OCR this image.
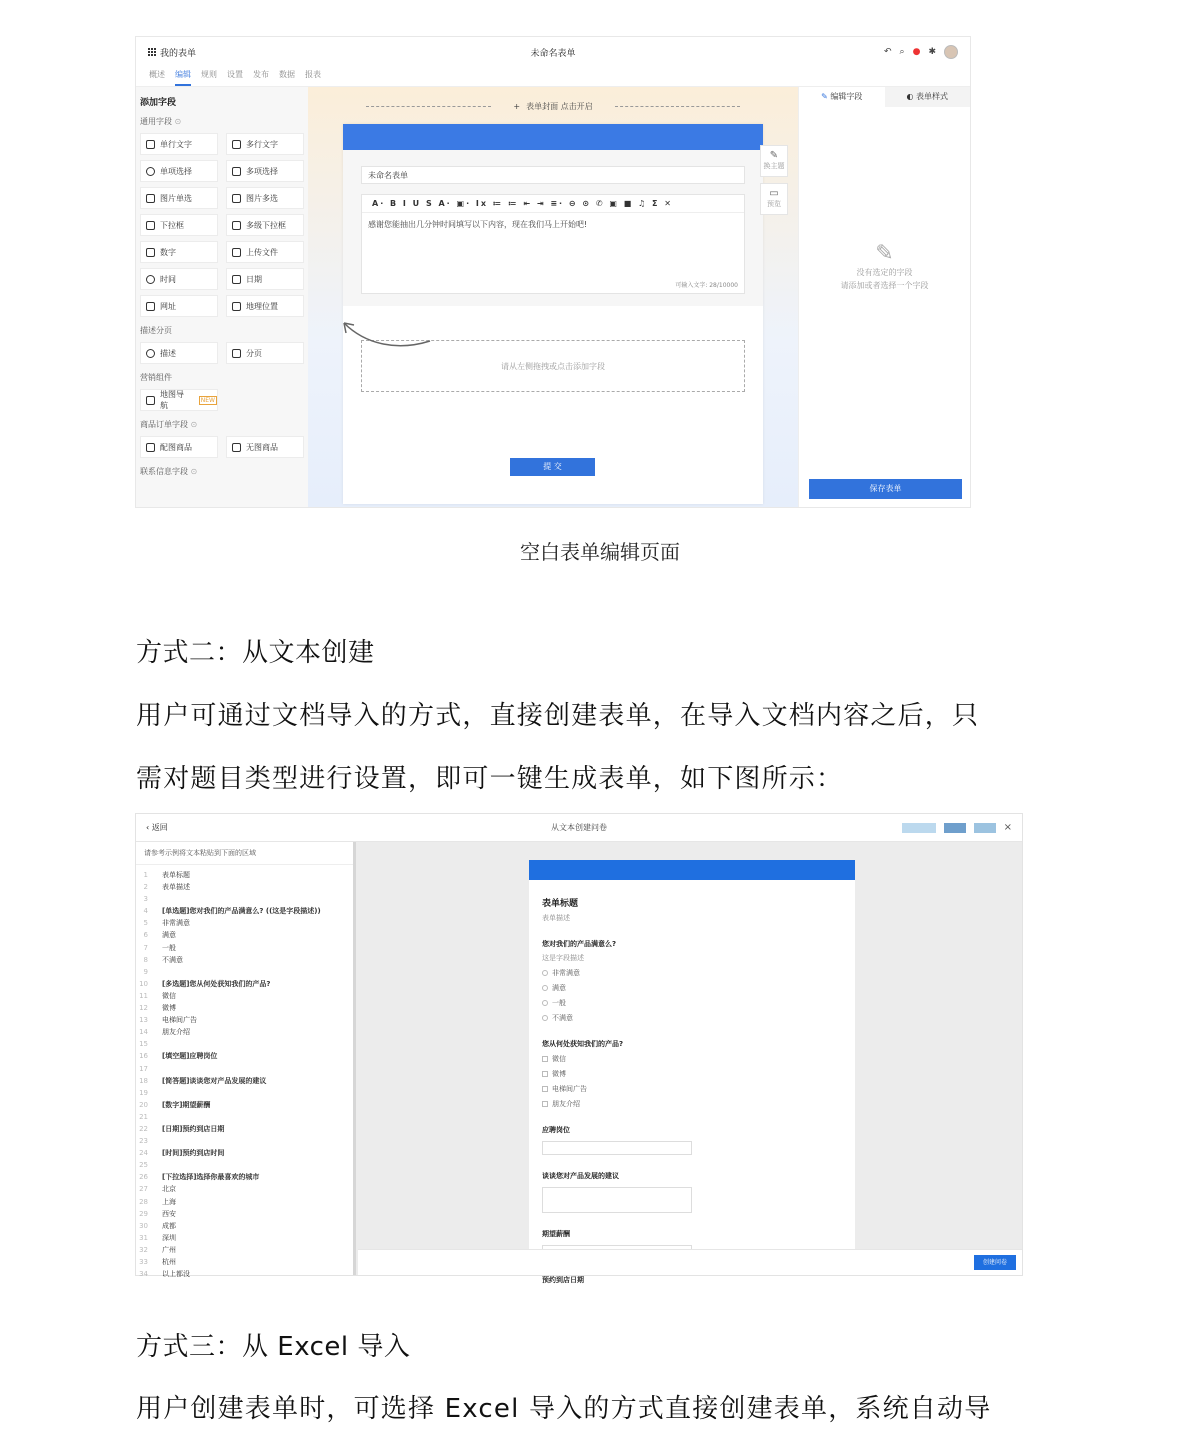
我的表单	未命名表单	↶ ⌕ ● ✱
概述 编辑 规则 设置 发布 数据 报表
添加字段
通用字段 ⊙
单行文字	多行文字
单项选择	多项选择
图片单选	图片多选
下拉框	多级下拉框
数字	上传文件
时间	日期
网址	地理位置
描述分页
描述	分页
营销组件
地图导航
NEW
商品订单字段 ⊙
配图商品	无图商品
联系信息字段 ⊙
+ 表单封面 点击开启
未命名表单
A· B I U S A· ▣· Ix ≔ ≔ ⇤ ⇥ ≡· ⊖ ⊙ ✆ ▣ ■ ♫ Σ ✕
感谢您能抽出几分钟时间填写以下内容，现在我们马上开始吧!
可输入文字: 28/10000
请从左侧拖拽或点击添加字段
提 交
✎
换主题
▭
预览
✎ 编辑字段	◐ 表单样式
✎
没有选定的字段
请添加或者选择一个字段
保存表单
空白表单编辑页面
方式二：从文本创建
用户可通过文档导入的方式，直接创建表单，在导入文档内容之后，只
需对题目类型进行设置，即可一键生成表单，如下图所示：
‹ 返回	从文本创建问卷	×
请参考示例将文本粘贴到下面的区域
1	表单标题
2	表单描述
3
4	[单选题]您对我们的产品满意么? ((这是字段描述))
5	非常满意
6	满意
7	一般
8	不满意
9
10	[多选题]您从何处获知我们的产品?
11	微信
12	微博
13	电梯间广告
14	朋友介绍
15
16	[填空题]应聘岗位
17
18	[简答题]谈谈您对产品发展的建议
19
20	[数字]期望薪酬
21
22	[日期]预约到店日期
23
24	[时间]预约到店时间
25
26	[下拉选择]选择你最喜欢的城市
27	北京
28	上海
29	西安
30	成都
31	深圳
32	广州
33	杭州
34	以上都没
表单标题
表单描述
您对我们的产品满意么?
这是字段描述
非常满意
满意
一般
不满意
您从何处获知我们的产品?
微信
微博
电梯间广告
朋友介绍
应聘岗位
谈谈您对产品发展的建议
期望薪酬
预约到店日期
创建问卷
方式三：从 Excel 导入
用户创建表单时，可选择 Excel 导入的方式直接创建表单，系统自动导
